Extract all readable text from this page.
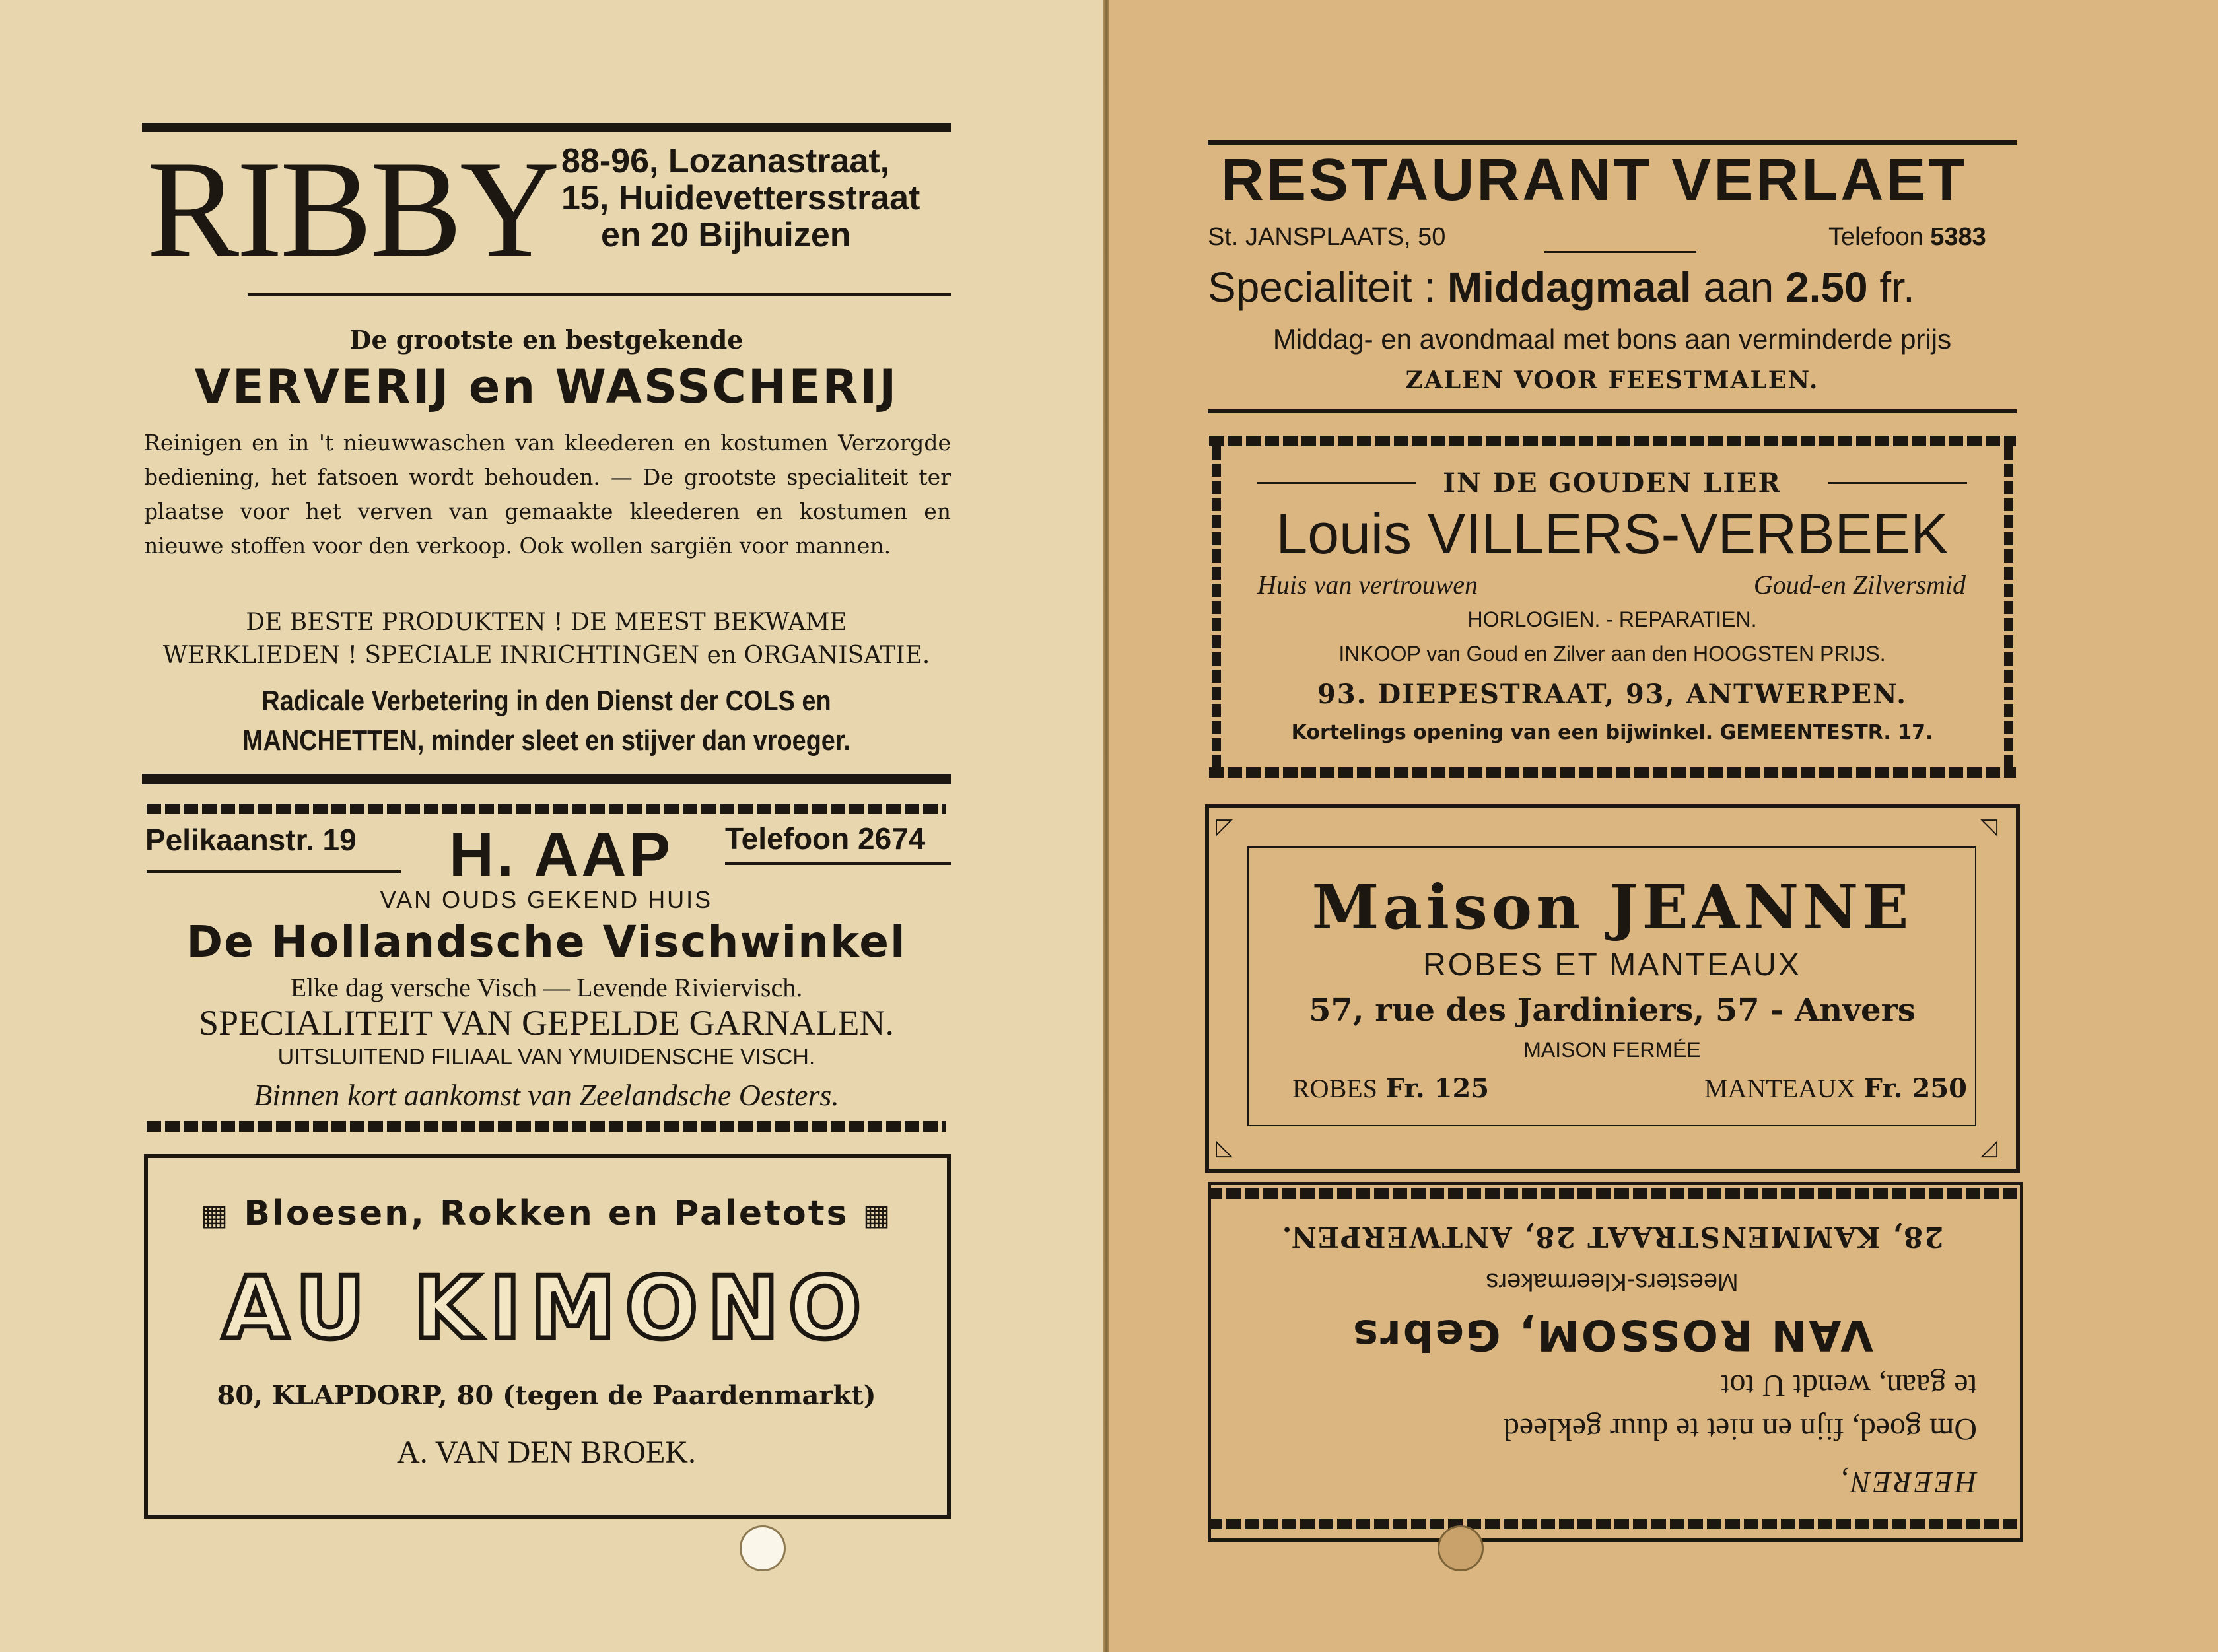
RIBBY 88-96, Lozanastraat,
15, Huidevettersstraat
en 20 Bijhuizen
De grootste en bestgekende
VERVERIJ en WASSCHERIJ
Reinigen en in 't nieuwwaschen van kleederen en kostumen Verzorgde bediening, het fatsoen wordt behouden. — De grootste specialiteit ter plaatse voor het verven van gemaakte kleederen en kostumen en nieuwe stoffen voor den verkoop. Ook wollen sargiën voor mannen.
DE BESTE PRODUKTEN ! DE MEEST BEKWAME
WERKLIEDEN ! SPECIALE INRICHTINGEN en ORGANISATIE.
Radicale Verbetering in den Dienst der COLS en
MANCHETTEN, minder sleet en stijver dan vroeger.
Pelikaanstr. 19 H. AAP Telefoon 2674
VAN OUDS GEKEND HUIS
De Hollandsche Vischwinkel
Elke dag versche Visch — Levende Riviervisch.
SPECIALITEIT VAN GEPELDE GARNALEN.
UITSLUITEND FILIAAL VAN YMUIDENSCHE VISCH.
Binnen kort aankomst van Zeelandsche Oesters.
▦ Bloesen, Rokken en Paletots ▦
AU KIMONO
80, KLAPDORP, 80 (tegen de Paardenmarkt)
A. VAN DEN BROEK.
RESTAURANT VERLAET
St. JANSPLAATS, 50	Telefoon 5383
Specialiteit : Middagmaal aan 2.50 fr.
Middag- en avondmaal met bons aan verminderde prijs
ZALEN VOOR FEESTMALEN.
IN DE GOUDEN LIER
Louis VILLERS-VERBEEK
Huis van vertrouwen	Goud-en Zilversmid
HORLOGIEN. - REPARATIEN.
INKOOP van Goud en Zilver aan den HOOGSTEN PRIJS.
93. DIEPESTRAAT, 93, ANTWERPEN.
Kortelings opening van een bijwinkel. GEMEENTESTR. 17.
◸	◹
◺	◿
Maison JEANNE
ROBES ET MANTEAUX
57, rue des Jardiniers, 57 - Anvers
MAISON FERMÉE
ROBES Fr. 125	MANTEAUX Fr. 250
HEEREN,
Om goed, fijn en niet te duur gekleed
te gaan, wendt U tot
VAN ROSSOM, Gebrs
Meesters-Kleermakers
28, KAMMENSTRAAT 28, ANTWERPEN.
